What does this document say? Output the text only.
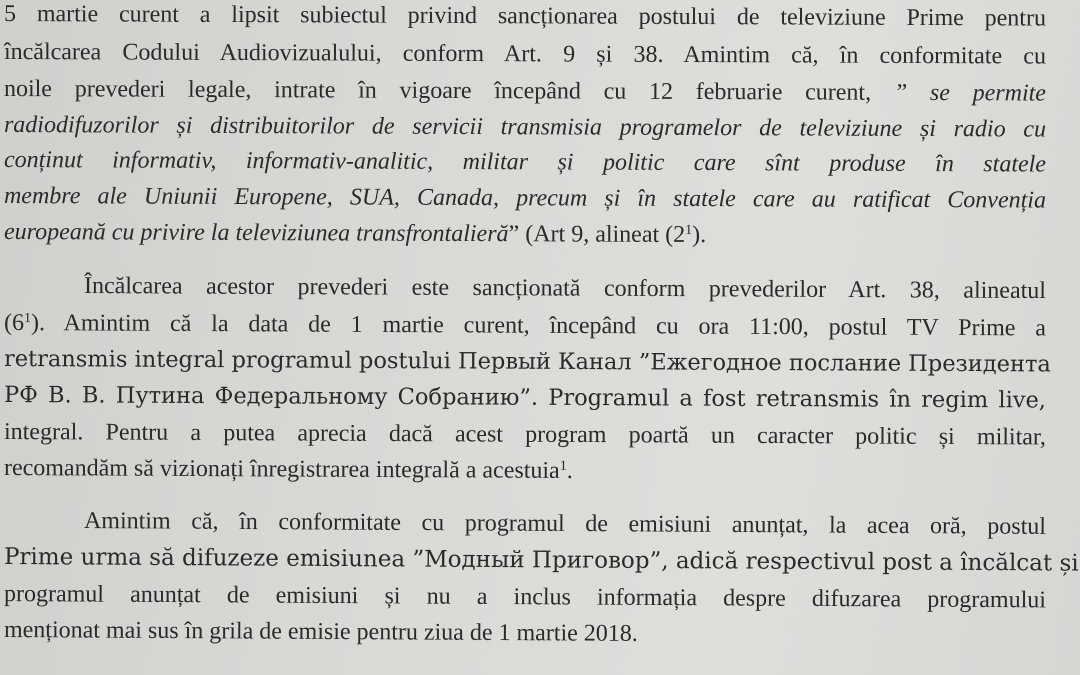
5 martie curent a lipsit subiectul privind sancționarea postului de televiziune Prime pentru
încălcarea Codului Audiovizualului, conform Art. 9 și 38. Amintim că, în conformitate cu
noile prevederi legale, intrate în vigoare începând cu 12 februarie curent, ” se permite
radiodifuzorilor și distribuitorilor de servicii transmisia programelor de televiziune și radio cu
conținut informativ, informativ-analitic, militar și politic care sînt produse în statele
membre ale Uniunii Europene, SUA, Canada, precum și în statele care au ratificat Convenția
europeană cu privire la televiziunea transfrontalieră” (Art 9, alineat $(2^1)$.
Încălcarea acestor prevederi este sancționată conform prevederilor Art. 38, alineatul
$(6^1)$. Amintim că la data de 1 martie curent, începând cu ora 11:00, postul TV Prime a
retransmis integral programul postului Первый Канал ”Ежегодное послание Президента
РФ В. В. Путина Федеральному Собранию”. Programul a fost retransmis în regim live,
integral. Pentru a putea aprecia dacă acest program poartă un caracter politic și militar,
recomandăm să vizionați înregistrarea integrală a acestuia$^1$.
Amintim că, în conformitate cu programul de emisiuni anunțat, la acea oră, postul
Prime urma să difuzeze emisiunea ”Модный Приговор”, adică respectivul post a încălcat și
programul anunțat de emisiuni și nu a inclus informația despre difuzarea programului
menționat mai sus în grila de emisie pentru ziua de 1 martie 2018.
